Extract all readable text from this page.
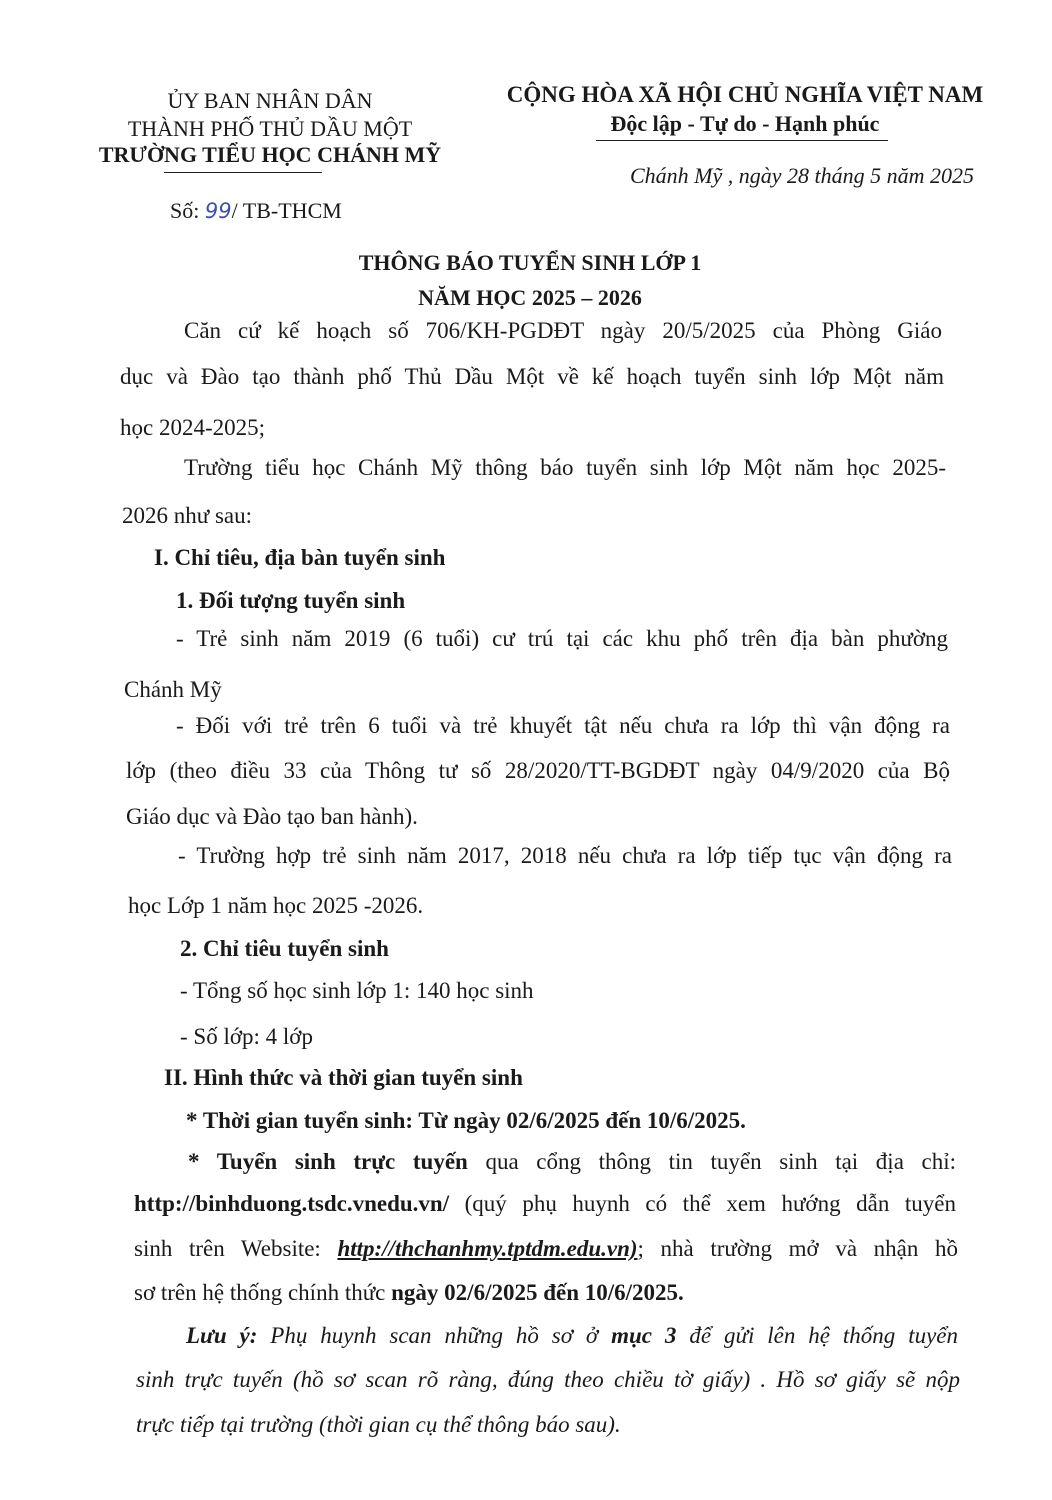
ỦY BAN NHÂN DÂN
THÀNH PHỐ THỦ DẦU MỘT
TRƯỜNG TIỂU HỌC CHÁNH MỸ
Số: 99/ TB-THCM
CỘNG HÒA XÃ HỘI CHỦ NGHĨA VIỆT NAM
Độc lập - Tự do - Hạnh phúc
Chánh Mỹ , ngày 28 tháng 5 năm 2025
THÔNG BÁO TUYỂN SINH LỚP 1
NĂM HỌC 2025 – 2026
Căn cứ kế hoạch số 706/KH-PGDĐT ngày 20/5/2025 của Phòng Giáo
dục và Đào tạo thành phố Thủ Dầu Một về kế hoạch tuyển sinh lớp Một năm
học 2024-2025;
Trường tiểu học Chánh Mỹ thông báo tuyển sinh lớp Một năm học 2025-
2026 như sau:
I. Chỉ tiêu, địa bàn tuyển sinh
1. Đối tượng tuyển sinh
- Trẻ sinh năm 2019 (6 tuổi) cư trú tại các khu phố trên địa bàn phường
Chánh Mỹ
- Đối với trẻ trên 6 tuổi và trẻ khuyết tật nếu chưa ra lớp thì vận động ra
lớp (theo điều 33 của Thông tư số 28/2020/TT-BGDĐT ngày 04/9/2020 của Bộ
Giáo dục và Đào tạo ban hành).
- Trường hợp trẻ sinh năm 2017, 2018 nếu chưa ra lớp tiếp tục vận động ra
học Lớp 1 năm học 2025 -2026.
2. Chỉ tiêu tuyển sinh
- Tổng số học sinh lớp 1: 140 học sinh
- Số lớp: 4 lớp
II. Hình thức và thời gian tuyển sinh
* Thời gian tuyển sinh: Từ ngày 02/6/2025 đến 10/6/2025.
* Tuyển sinh trực tuyến qua cổng thông tin tuyển sinh tại địa chỉ:
http://binhduong.tsdc.vnedu.vn/ (quý phụ huynh có thể xem hướng dẫn tuyển
sinh trên Website: http://thchanhmy.tptdm.edu.vn); nhà trường mở và nhận hồ
sơ trên hệ thống chính thức ngày 02/6/2025 đến 10/6/2025.
Lưu ý: Phụ huynh scan những hồ sơ ở mục 3 để gửi lên hệ thống tuyển
sinh trực tuyến (hồ sơ scan rõ ràng, đúng theo chiều tờ giấy) . Hồ sơ giấy sẽ nộp
trực tiếp tại trường (thời gian cụ thể thông báo sau).
